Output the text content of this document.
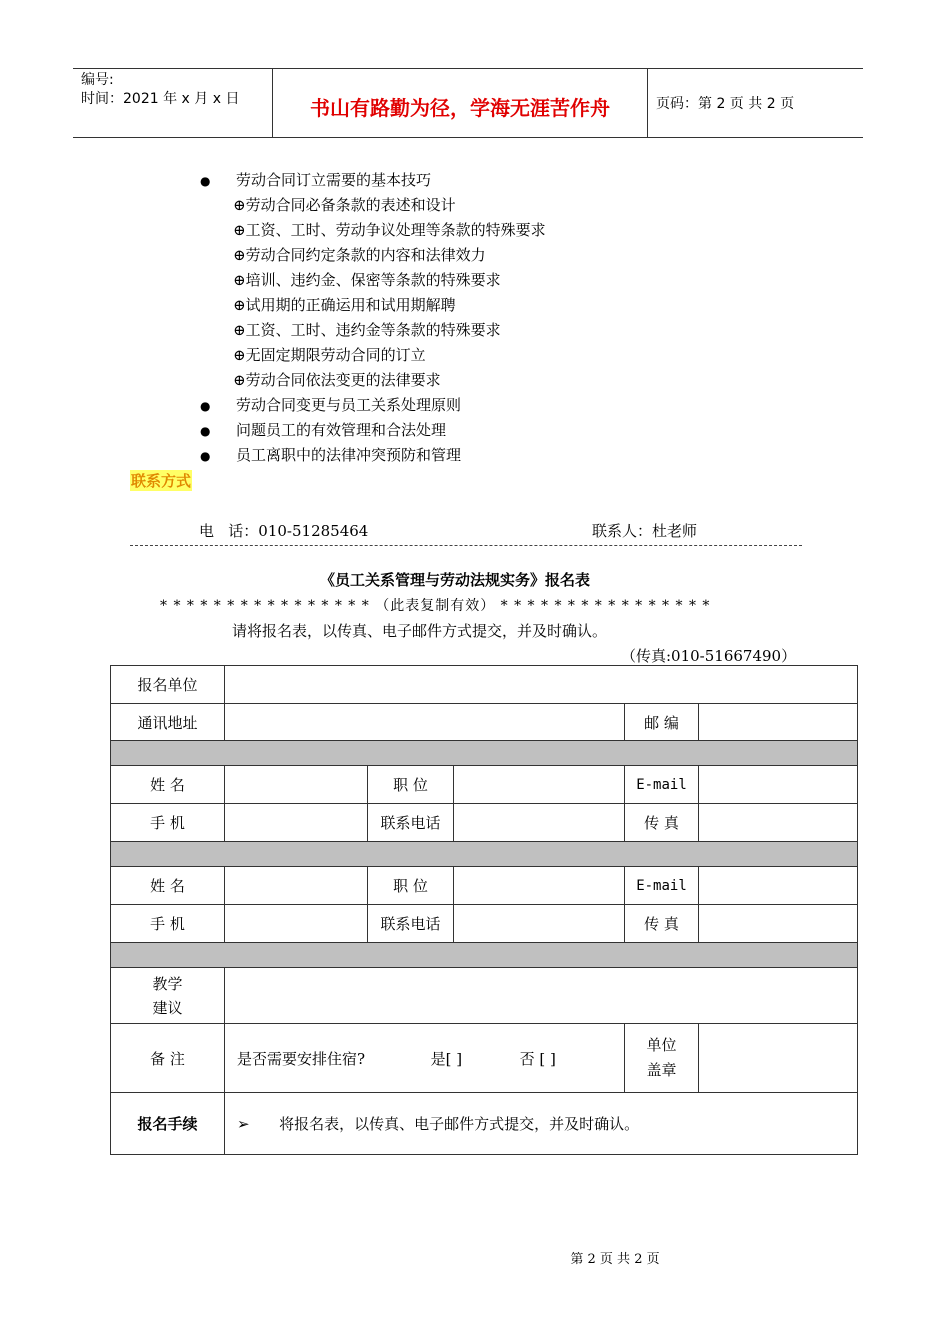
编号:
时间：2021 年 x 月 x 日	书山有路勤为径，学海无涯苦作舟	页码：第 2 页 共 2 页
● 劳动合同订立需要的基本技巧
⊕劳动合同必备条款的表述和设计
⊕工资、工时、劳动争议处理等条款的特殊要求
⊕劳动合同约定条款的内容和法律效力
⊕培训、违约金、保密等条款的特殊要求
⊕试用期的正确运用和试用期解聘
⊕工资、工时、违约金等条款的特殊要求
⊕无固定期限劳动合同的订立
⊕劳动合同依法变更的法律要求
● 劳动合同变更与员工关系处理原则
● 问题员工的有效管理和合法处理
● 员工离职中的法律冲突预防和管理
联系方式
电   话：010-51285464	联系人：杜老师
《员工关系管理与劳动法规实务》报名表
* * * * * * * * * * * * * * * * （此表复制有效） * * * * * * * * * * * * * * * *
请将报名表，以传真、电子邮件方式提交，并及时确认。
（传真:010-51667490）
报名单位					
通讯地址				邮 编	

姓 名		职 位		E-mail	
手 机		联系电话		传 真	

姓 名		职 位		E-mail	
手 机		联系电话		传 真	

教学
建议					

备 注	是否需要安排住宿? 是[ ] 否 [ ]			单位
盖章	

报名手续	➢ 将报名表，以传真、电子邮件方式提交，并及时确认。				
第 2 页 共 2 页
